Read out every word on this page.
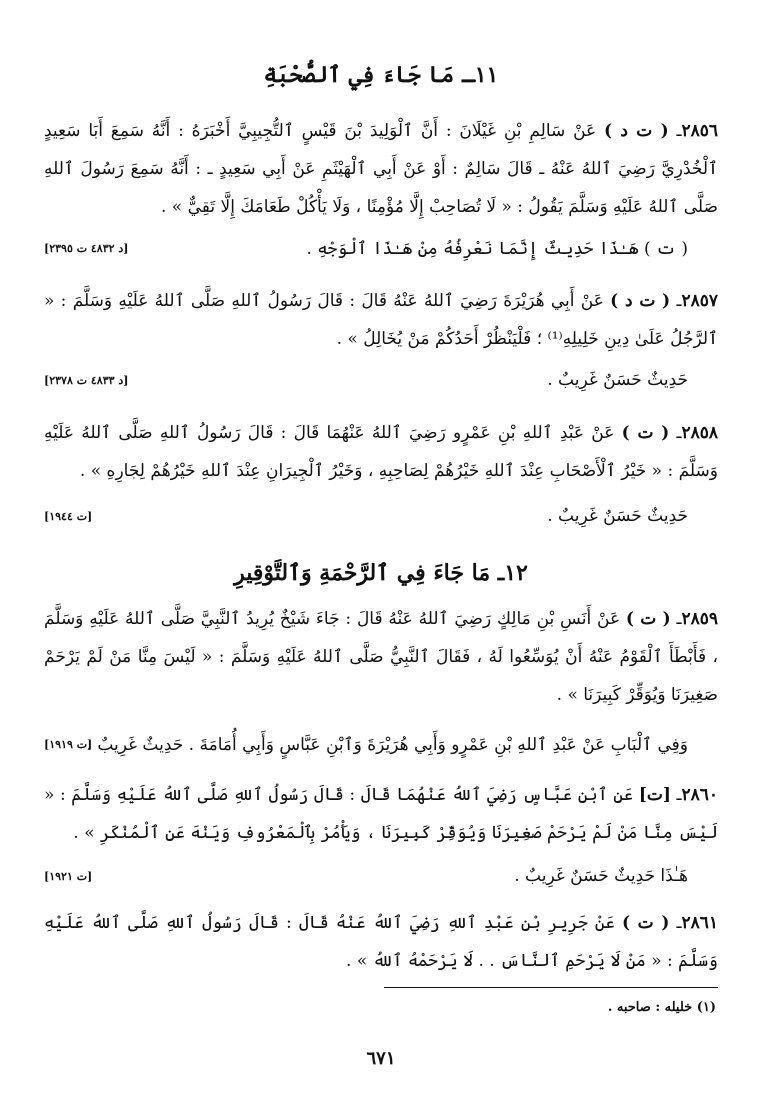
١١ـ مَا جَاءَ فِي ٱلصُّحْبَةِ
٢٨٥٦ـ ( ت د ) عَنْ سَالِمِ بْنِ غَيْلَانَ : أَنَّ ٱلْوَلِيدَ بْنَ قَيْسٍ ٱلتُّجِيبِيَّ أَخْبَرَهُ : أَنَّهُ سَمِعَ أَبَا سَعِيدٍ ٱلْخُدْرِيَّ رَضِيَ ٱللهُ عَنْهُ ـ قَالَ سَالِمٌ : أَوْ عَنْ أَبِي ٱلْهَيْثَمِ عَنْ أَبِي سَعِيدٍ ـ : أَنَّهُ سَمِعَ رَسُولَ ٱللهِ صَلَّى ٱللهُ عَلَيْهِ وَسَلَّمَ يَقُولُ : « لَا تُصَاحِبْ إِلَّا مُؤْمِنًا ، وَلَا يَأْكُلْ طَعَامَكَ إِلَّا تَقِيٌّ » .
( ت ) هَـٰذَا حَدِيثٌ إِنَّمَا نَعْرِفُهُ مِنْ هَـٰذَا ٱلْوَجْهِ .
[د ٤٨٣٢ ت ٢٣٩٥]
٢٨٥٧ـ ( ت د ) عَنْ أَبِي هُرَيْرَةَ رَضِيَ ٱللهُ عَنْهُ قَالَ : قَالَ رَسُولُ ٱللهِ صَلَّى ٱللهُ عَلَيْهِ وَسَلَّمَ : « ٱلرَّجُلُ عَلَىٰ دِينِ خَلِيلِهِ⁽¹⁾ ؛ فَلْيَنْظُرْ أَحَدُكُمْ مَنْ يُخَالِلُ » .
حَدِيثٌ حَسَنٌ غَرِيبٌ .
[د ٤٨٣٣ ت ٢٣٧٨]
٢٨٥٨ـ ( ت ) عَنْ عَبْدِ ٱللهِ بْنِ عَمْرٍو رَضِيَ ٱللهُ عَنْهُمَا قَالَ : قَالَ رَسُولُ ٱللهِ صَلَّى ٱللهُ عَلَيْهِ وَسَلَّمَ : « خَيْرُ ٱلْأَصْحَابِ عِنْدَ ٱللهِ خَيْرُهُمْ لِصَاحِبِهِ ، وَخَيْرُ ٱلْجِيرَانِ عِنْدَ ٱللهِ خَيْرُهُمْ لِجَارِهِ » .
حَدِيثٌ حَسَنٌ غَرِيبٌ .
[ت ١٩٤٤]
١٢ـ مَا جَاءَ فِي ٱلرَّحْمَةِ وَٱلتَّوْقِيرِ
٢٨٥٩ـ ( ت ) عَنْ أَنَسِ بْنِ مَالِكٍ رَضِيَ ٱللهُ عَنْهُ قَالَ : جَاءَ شَيْخٌ يُرِيدُ ٱلنَّبِيَّ صَلَّى ٱللهُ عَلَيْهِ وَسَلَّمَ ، فَأَبْطَأَ ٱلْقَوْمُ عَنْهُ أَنْ يُوَسِّعُوا لَهُ ، فَقَالَ ٱلنَّبِيُّ صَلَّى ٱللهُ عَلَيْهِ وَسَلَّمَ : « لَيْسَ مِنَّا مَنْ لَمْ يَرْحَمْ صَغِيرَنَا وَيُوَقِّرْ كَبِيرَنَا » .
وَفِي ٱلْبَابِ عَنْ عَبْدِ ٱللهِ بْنِ عَمْرٍو وَأَبِي هُرَيْرَةَ وَٱبْنِ عَبَّاسٍ وَأَبِي أُمَامَةَ . حَدِيثٌ غَرِيبٌ .
[ت ١٩١٩]
٢٨٦٠ـ [ت] عَنِ ٱبْنِ عَبَّاسٍ رَضِيَ ٱللهُ عَنْهُمَا قَالَ : قَالَ رَسُولُ ٱللهِ صَلَّى ٱللهُ عَلَيْهِ وَسَلَّمَ : « لَيْسَ مِنَّا مَنْ لَمْ يَرْحَمْ صَغِيرَنَا وَيُوَقِّرْ كَبِيرَنَا ، وَيَأْمُرْ بِٱلْمَعْرُوفِ وَيَنْهَ عَنِ ٱلْمُنْكَرِ » .
هَـٰذَا حَدِيثٌ حَسَنٌ غَرِيبٌ .
[ت ١٩٢١]
٢٨٦١ـ ( ت ) عَنْ جَرِيرِ بْنِ عَبْدِ ٱللهِ رَضِيَ ٱللهُ عَنْهُ قَالَ : قَالَ رَسُولُ ٱللهِ صَلَّى ٱللهُ عَلَيْهِ وَسَلَّمَ : « مَنْ لَا يَرْحَمِ ٱلنَّاسَ . . لَا يَرْحَمْهُ ٱللهُ » .
(١) خليله : صاحبه .
٦٧١
